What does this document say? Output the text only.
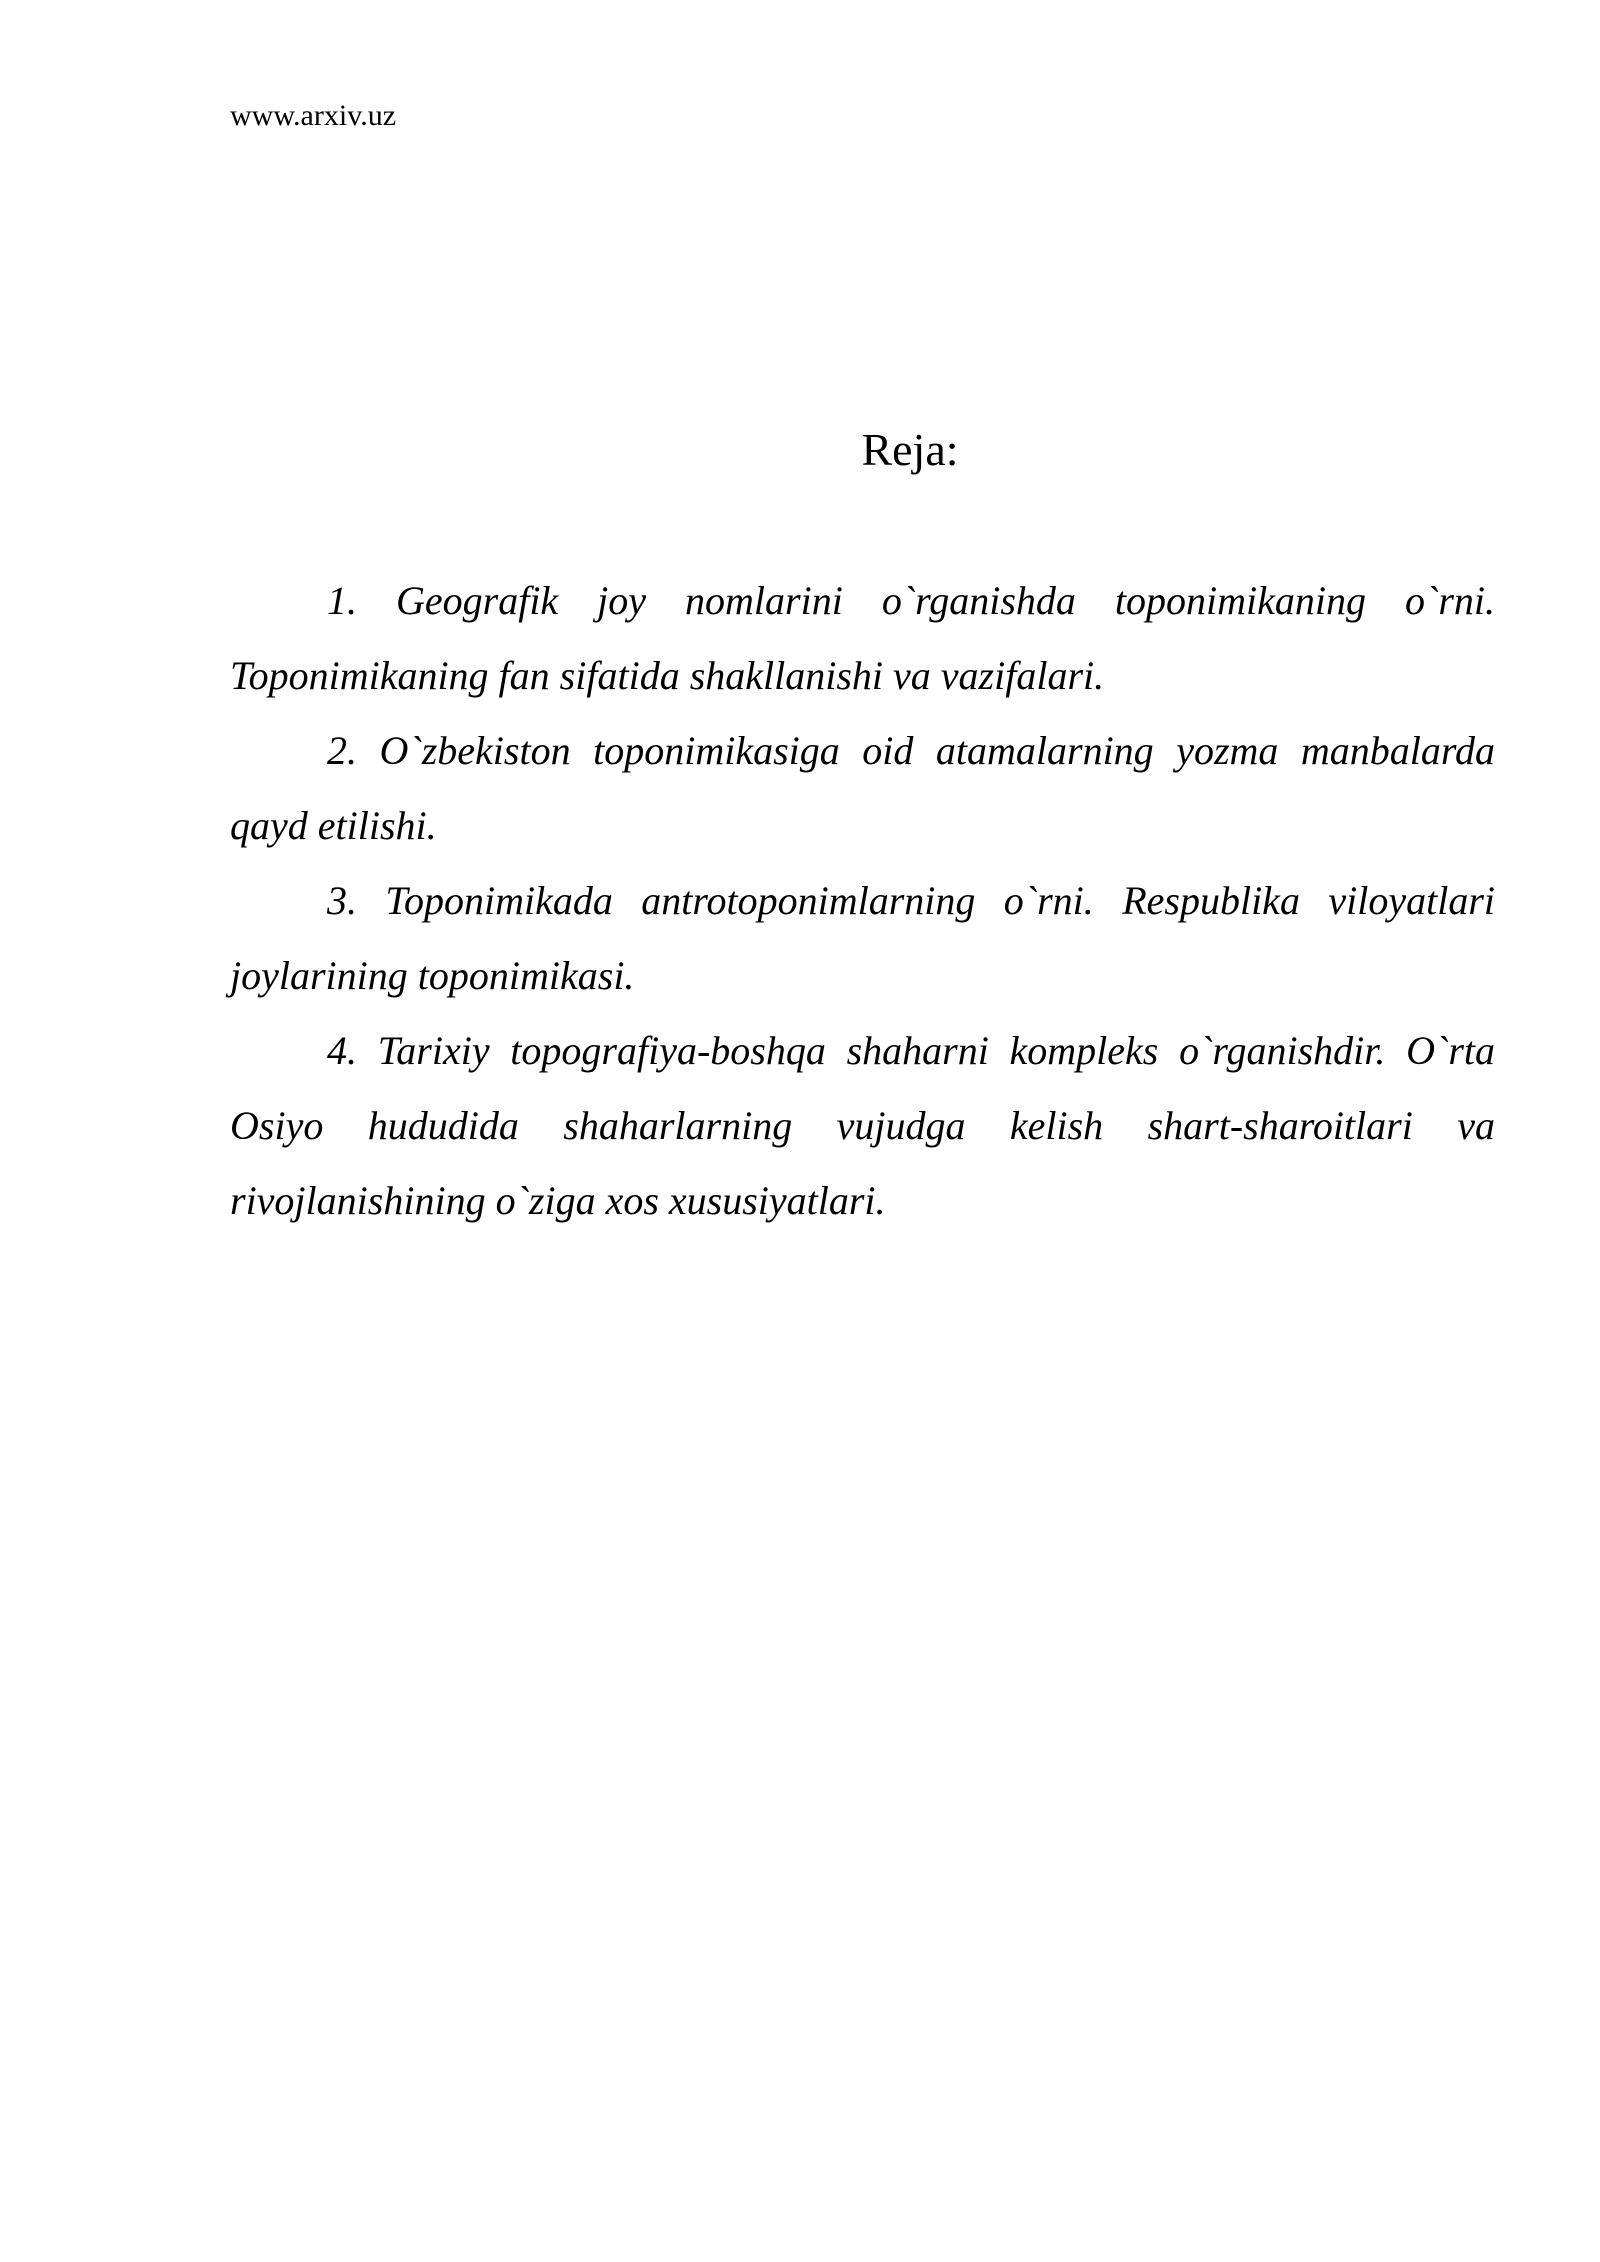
www.arxiv.uz
Reja:
1. Geografik joy nomlarini o`rganishda toponimikaning o`rni. Toponimikaning fan sifatida shakllanishi va vazifalari.
2. O`zbekiston toponimikasiga oid atamalarning yozma manbalarda qayd etilishi.
3. Toponimikada antrotoponimlarning o`rni. Respublika viloyatlari joylarining toponimikasi.
4. Tarixiy topografiya-boshqa shaharni kompleks o`rganishdir. O`rta Osiyo hududida shaharlarning vujudga kelish shart-sharoitlari va rivojlanishining o`ziga xos xususiyatlari.
